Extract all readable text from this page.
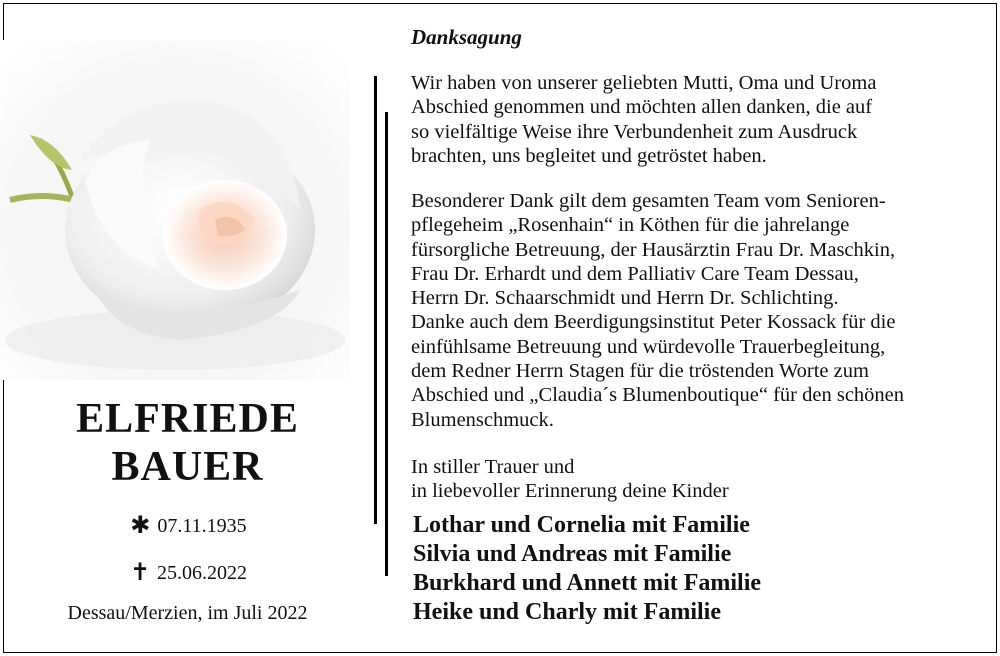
ELFRIEDE
BAUER
✱ 07.11.1935
✝ 25.06.2022
Dessau/Merzien, im Juli 2022
Danksagung
Wir haben von unserer geliebten Mutti, Oma und Uroma
Abschied genommen und möchten allen danken, die auf
so vielfältige Weise ihre Verbundenheit zum Ausdruck
brachten, uns begleitet und getröstet haben.
Besonderer Dank gilt dem gesamten Team vom Senioren-
pflegeheim „Rosenhain“ in Köthen für die jahrelange
fürsorgliche Betreuung, der Hausärztin Frau Dr. Maschkin,
Frau Dr. Erhardt und dem Palliativ Care Team Dessau,
Herrn Dr. Schaarschmidt und Herrn Dr. Schlichting.
Danke auch dem Beerdigungsinstitut Peter Kossack für die
einfühlsame Betreuung und würdevolle Trauerbegleitung,
dem Redner Herrn Stagen für die tröstenden Worte zum
Abschied und „Claudia´s Blumenboutique“ für den schönen
Blumenschmuck.
In stiller Trauer und
in liebevoller Erinnerung deine Kinder
Lothar und Cornelia mit Familie
Silvia und Andreas mit Familie
Burkhard und Annett mit Familie
Heike und Charly mit Familie
